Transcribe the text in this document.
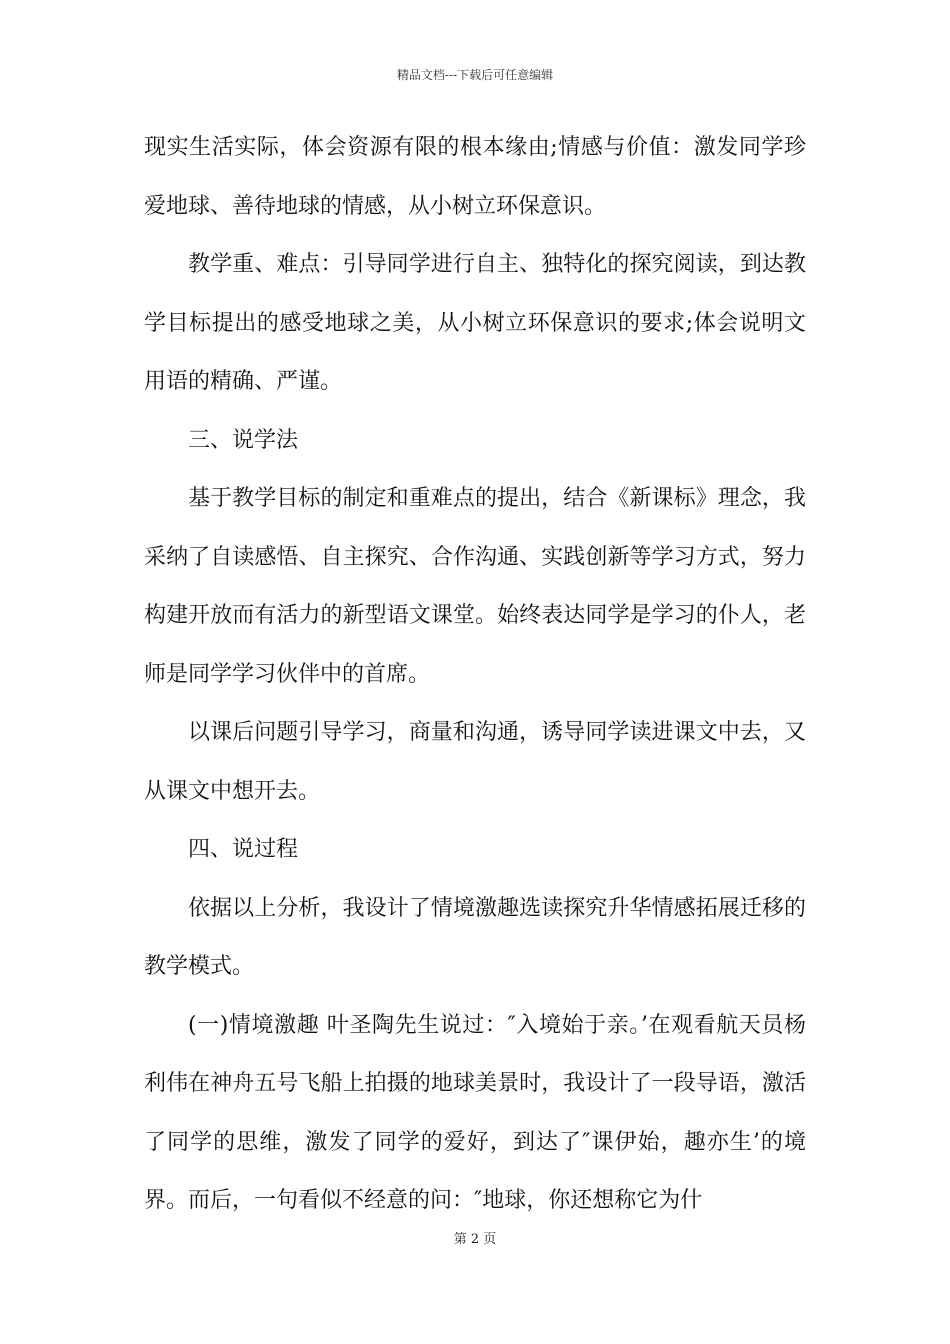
精品文档---下载后可任意编辑

现实生活实际，体会资源有限的根本缘由;情感与价值：激发同学珍爱地球、善待地球的情感，从小树立环保意识。

教学重、难点：引导同学进行自主、独特化的探究阅读，到达教学目标提出的感受地球之美，从小树立环保意识的要求;体会说明文用语的精确、严谨。

三、说学法

基于教学目标的制定和重难点的提出，结合《新课标》理念，我采纳了自读感悟、自主探究、合作沟通、实践创新等学习方式，努力构建开放而有活力的新型语文课堂。始终表达同学是学习的仆人，老师是同学学习伙伴中的首席。

以课后问题引导学习，商量和沟通，诱导同学读进课文中去，又从课文中想开去。

四、说过程

依据以上分析，我设计了情境激趣选读探究升华情感拓展迁移的教学模式。

(一)情境激趣 叶圣陶先生说过：″入境始于亲。’在观看航天员杨利伟在神舟五号飞船上拍摄的地球美景时，我设计了一段导语，激活了同学的思维，激发了同学的爱好，到达了″课伊始，趣亦生’的境界。而后，一句看似不经意的问：″地球，你还想称它为什

第 2 页
